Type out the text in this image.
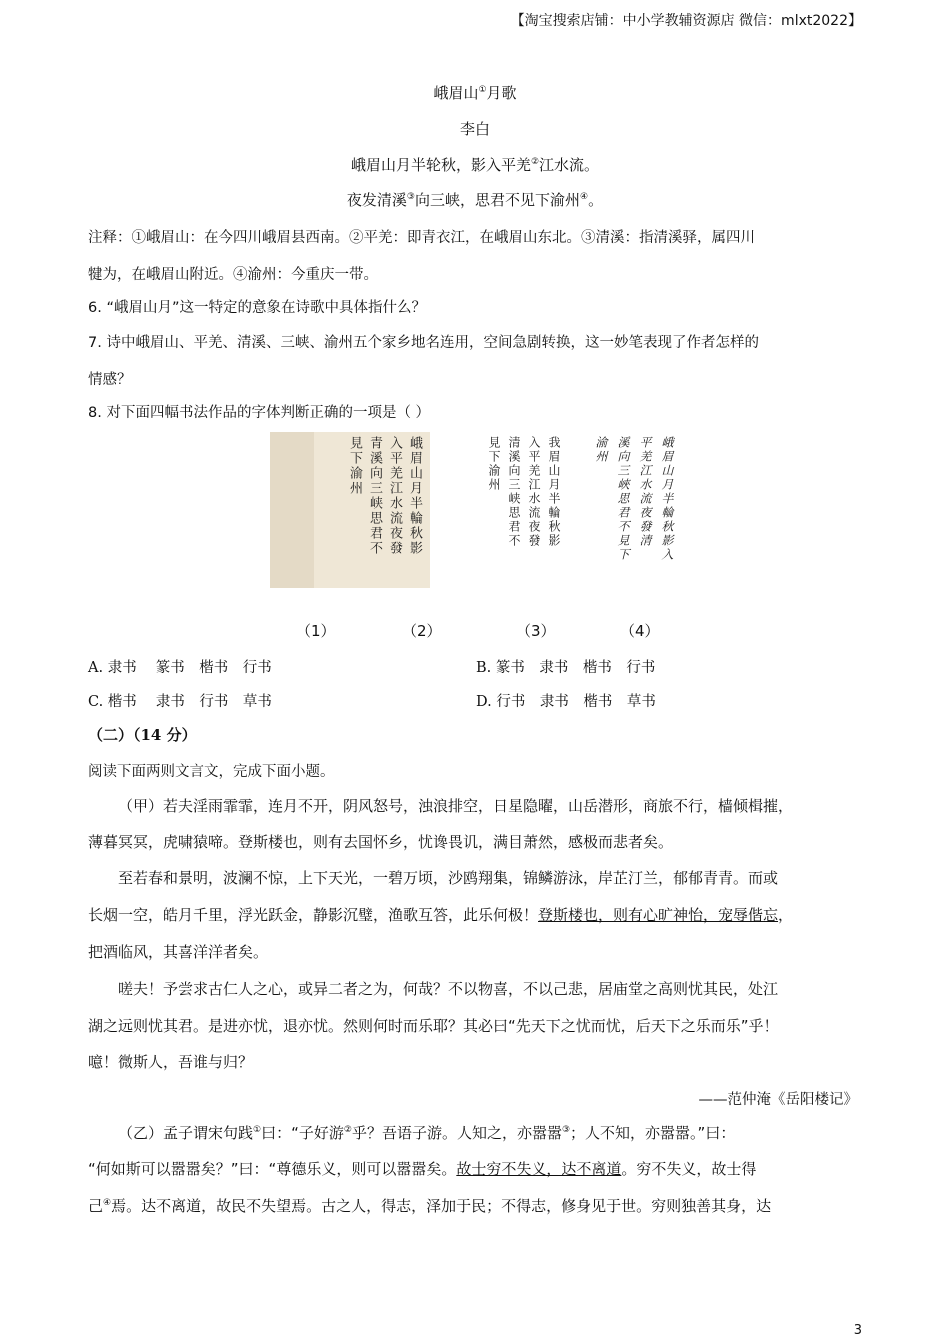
【淘宝搜索店铺：中小学教辅资源店 微信：mlxt2022】
峨眉山①月歌
李白
峨眉山月半轮秋，影入平羌②江水流。
夜发清溪③向三峡，思君不见下渝州④。
注释：①峨眉山：在今四川峨眉县西南。②平羌：即青衣江，在峨眉山东北。③清溪：指清溪驿，属四川
犍为，在峨眉山附近。④渝州：今重庆一带。
6. “峨眉山月”这一特定的意象在诗歌中具体指什么？
7. 诗中峨眉山、平羌、清溪、三峡、渝州五个家乡地名连用，空间急剧转换，这一妙笔表现了作者怎样的
情感？
8. 对下面四幅书法作品的字体判断正确的一项是（ ）
峨眉山月半輪秋影
入平羌江水流夜發
青溪向三峡思君不
見下渝州	我眉山月半輪秋影
入平羌江水流夜發
清溪向三峡思君不
見下渝州	峨眉山月半輪秋影入
平羌江水流夜發清
溪向三峽思君不見下
渝州
（1）	（2）	（3）	（4）
A. 隶书　 篆书　楷书　行书	B. 篆书　隶书　楷书　行书
C. 楷书　 隶书　行书　草书	D. 行书　隶书　楷书　草书
（二）（14 分）
阅读下面两则文言文，完成下面小题。
（甲）若夫淫雨霏霏，连月不开，阴风怒号，浊浪排空，日星隐曜，山岳潜形，商旅不行，樯倾楫摧，
薄暮冥冥，虎啸猿啼。登斯楼也，则有去国怀乡，忧谗畏讥，满目萧然，感极而悲者矣。
至若春和景明，波澜不惊，上下天光，一碧万顷，沙鸥翔集，锦鳞游泳，岸芷汀兰，郁郁青青。而或
长烟一空，皓月千里，浮光跃金，静影沉璧，渔歌互答，此乐何极！登斯楼也，则有心旷神怡，宠辱偕忘，
把酒临风，其喜洋洋者矣。
嗟夫！予尝求古仁人之心，或异二者之为，何哉？不以物喜，不以己悲，居庙堂之高则忧其民，处江
湖之远则忧其君。是进亦忧，退亦忧。然则何时而乐耶？其必曰“先天下之忧而忧，后天下之乐而乐”乎！
噫！微斯人，吾谁与归？
——范仲淹《岳阳楼记》
（乙）孟子谓宋句践①曰：“子好游②乎？吾语子游。人知之，亦嚣嚣③；人不知，亦嚣嚣。”曰：
“何如斯可以嚣嚣矣？”曰：“尊德乐义，则可以嚣嚣矣。故士穷不失义，达不离道。穷不失义，故士得
己④焉。达不离道，故民不失望焉。古之人，得志，泽加于民；不得志，修身见于世。穷则独善其身，达
3
